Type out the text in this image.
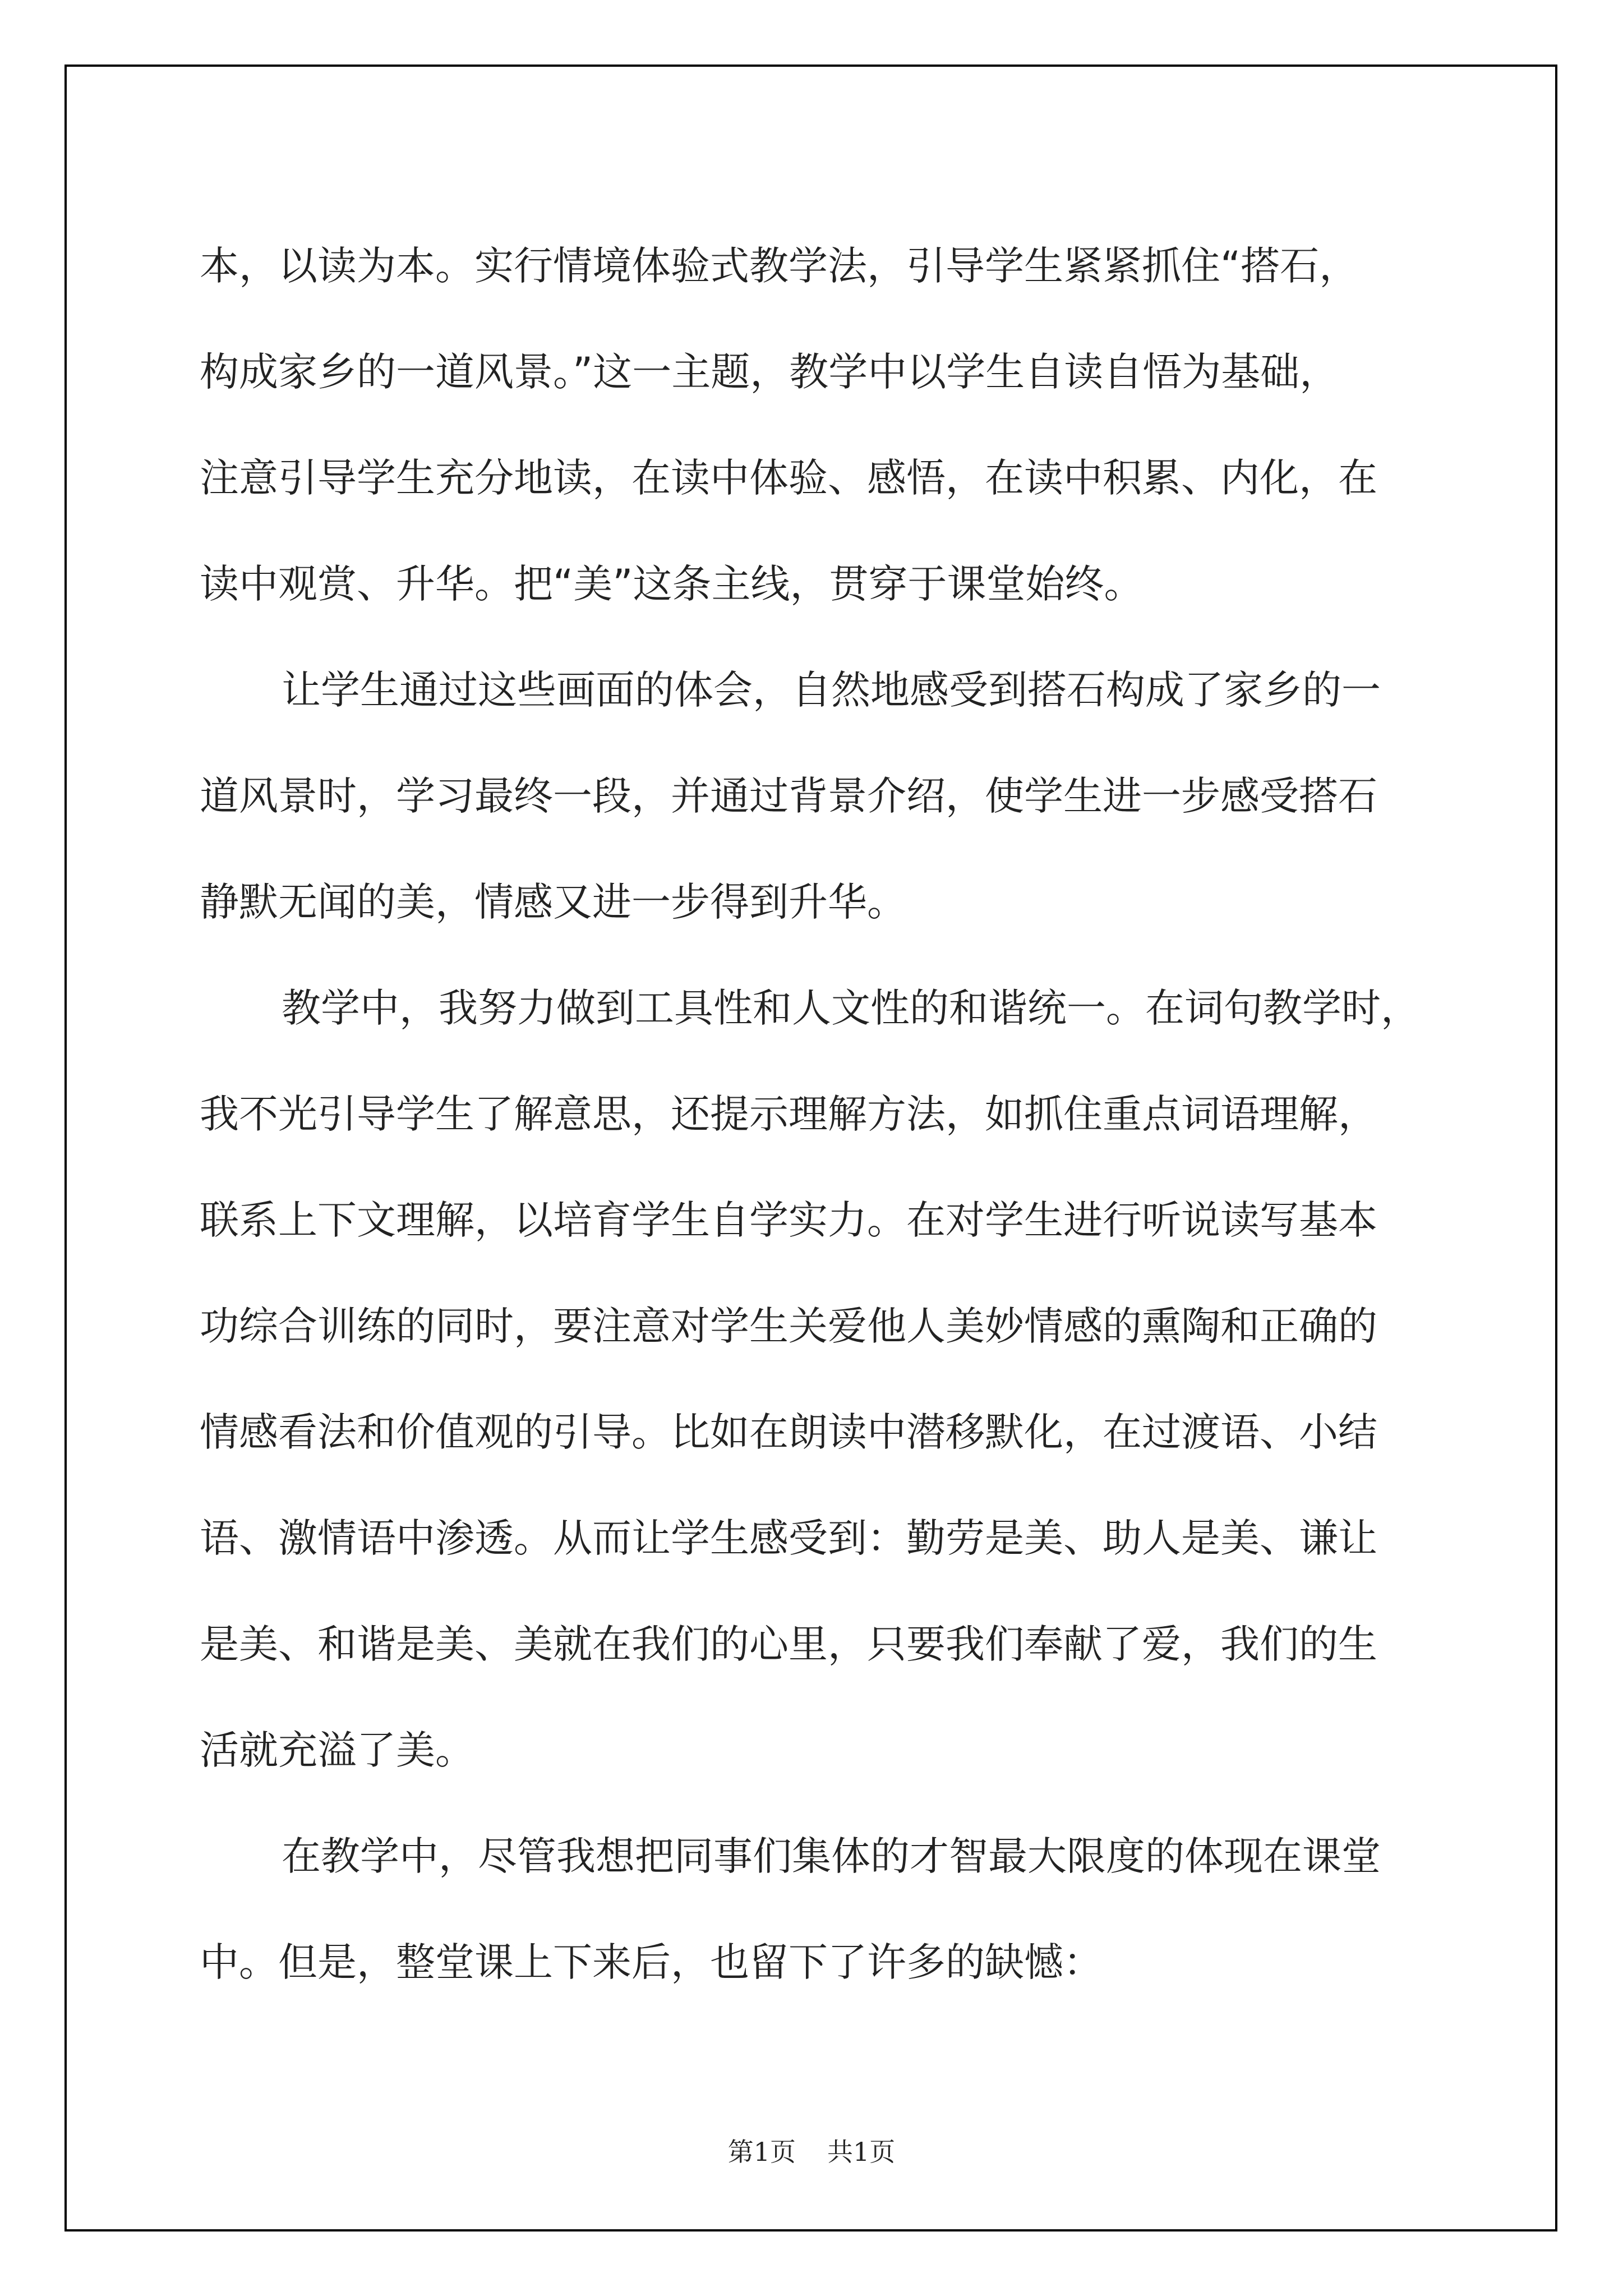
本，以读为本。实行情境体验式教学法，引导学生紧紧抓住“搭石，
构成家乡的一道风景。”这一主题，教学中以学生自读自悟为基础，
注意引导学生充分地读，在读中体验、感悟，在读中积累、内化，在
读中观赏、升华。把“美”这条主线，贯穿于课堂始终。
让学生通过这些画面的体会，自然地感受到搭石构成了家乡的一
道风景时，学习最终一段，并通过背景介绍，使学生进一步感受搭石
静默无闻的美，情感又进一步得到升华。
教学中，我努力做到工具性和人文性的和谐统一。在词句教学时，
我不光引导学生了解意思，还提示理解方法，如抓住重点词语理解，
联系上下文理解，以培育学生自学实力。在对学生进行听说读写基本
功综合训练的同时，要注意对学生关爱他人美妙情感的熏陶和正确的
情感看法和价值观的引导。比如在朗读中潜移默化，在过渡语、小结
语、激情语中渗透。从而让学生感受到：勤劳是美、助人是美、谦让
是美、和谐是美、美就在我们的心里，只要我们奉献了爱，我们的生
活就充溢了美。
在教学中，尽管我想把同事们集体的才智最大限度的体现在课堂
中。但是，整堂课上下来后，也留下了许多的缺憾：
第1页 共1页
